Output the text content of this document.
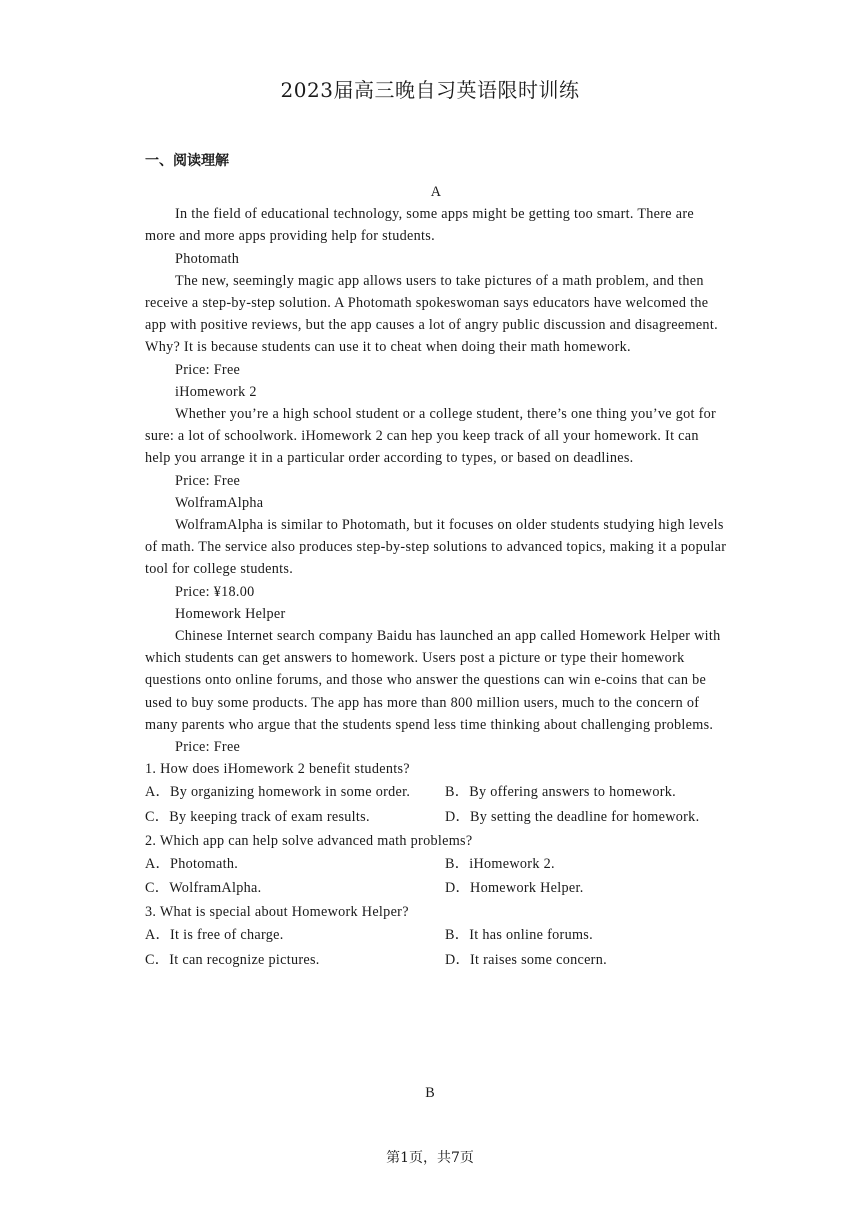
2023届高三晚自习英语限时训练
一、阅读理解

A

In the field of educational technology, some apps might be getting too smart. There are more and more apps providing help for students.

Photomath

The new, seemingly magic app allows users to take pictures of a math problem, and then receive a step-by-step solution. A Photomath spokeswoman says educators have welcomed the app with positive reviews, but the app causes a lot of angry public discussion and disagreement. Why? It is because students can use it to cheat when doing their math homework.

Price: Free

iHomework 2

Whether you’re a high school student or a college student, there’s one thing you’ve got for sure: a lot of schoolwork. iHomework 2 can hep you keep track of all your homework. It can help you arrange it in a particular order according to types, or based on deadlines.

Price: Free

WolframAlpha

WolframAlpha is similar to Photomath, but it focuses on older students studying high levels of math. The service also produces step-by-step solutions to advanced topics, making it a popular tool for college students.

Price: ¥18.00

Homework Helper

Chinese Internet search company Baidu has launched an app called Homework Helper with which students can get answers to homework. Users post a picture or type their homework questions onto online forums, and those who answer the questions can win e-coins that can be used to buy some products. The app has more than 800 million users, much to the concern of many parents who argue that the students spend less time thinking about challenging problems.

Price: Free

1. How does iHomework 2 benefit students?

A．By organizing homework in some order.	B．By offering answers to homework.
C．By keeping track of exam results.	D．By setting the deadline for homework.

2. Which app can help solve advanced math problems?

A．Photomath.	B．iHomework 2.
C．WolframAlpha.	D．Homework Helper.

3. What is special about Homework Helper?

A．It is free of charge.	B．It has online forums.
C．It can recognize pictures.	D．It raises some concern.
B
第1页，共7页
